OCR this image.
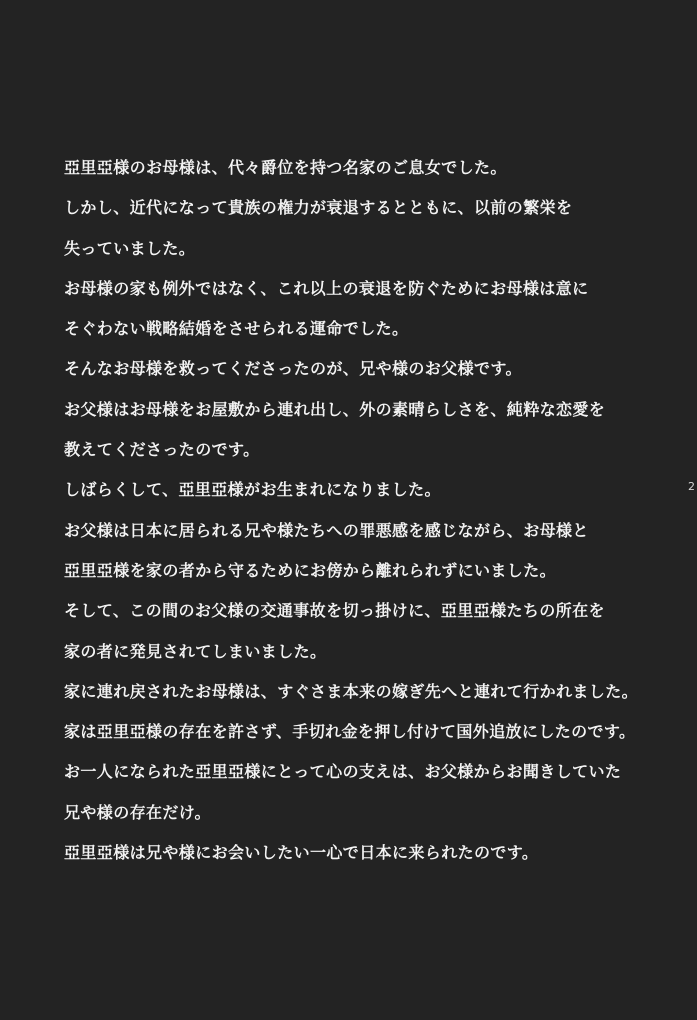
亞里亞様のお母様は、代々爵位を持つ名家のご息女でした。
しかし、近代になって貴族の権力が衰退するとともに、以前の繁栄を
失っていました。
お母様の家も例外ではなく、これ以上の衰退を防ぐためにお母様は意に
そぐわない戦略結婚をさせられる運命でした。
そんなお母様を救ってくださったのが、兄や様のお父様です。
お父様はお母様をお屋敷から連れ出し、外の素晴らしさを、純粋な恋愛を
教えてくださったのです。
しばらくして、亞里亞様がお生まれになりました。
お父様は日本に居られる兄や様たちへの罪悪感を感じながら、お母様と
亞里亞様を家の者から守るためにお傍から離れられずにいました。
そして、この間のお父様の交通事故を切っ掛けに、亞里亞様たちの所在を
家の者に発見されてしまいました。
家に連れ戻されたお母様は、すぐさま本来の嫁ぎ先へと連れて行かれました。
家は亞里亞様の存在を許さず、手切れ金を押し付けて国外追放にしたのです。
お一人になられた亞里亞様にとって心の支えは、お父様からお聞きしていた
兄や様の存在だけ。
亞里亞様は兄や様にお会いしたい一心で日本に来られたのです。
2
